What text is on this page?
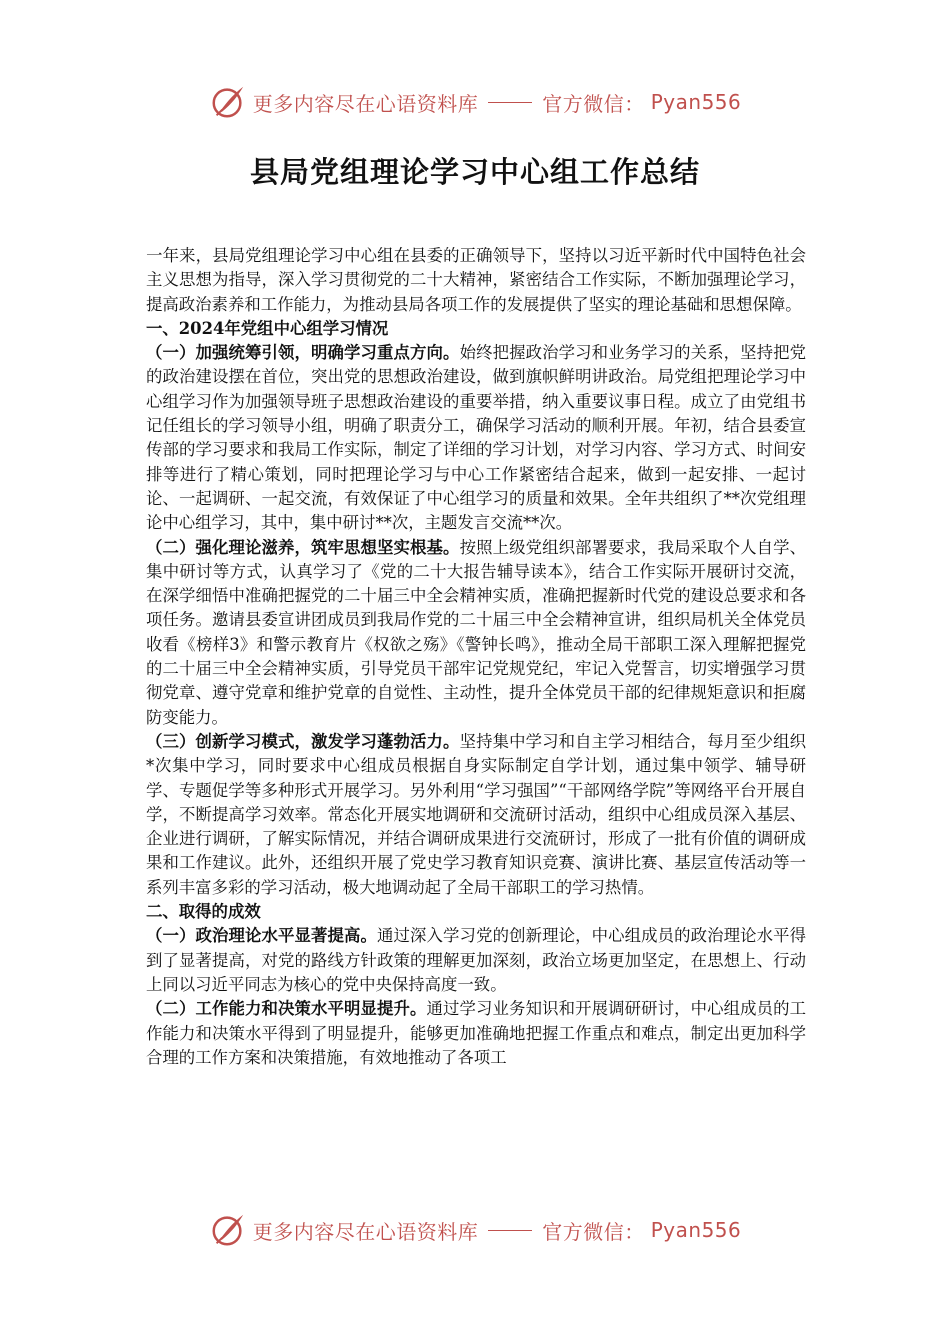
更多内容尽在心语资料库	官方微信： Pyan556
县局党组理论学习中心组工作总结

一年来，县局党组理论学习中心组在县委的正确领导下，坚持以习近平新时代中国特色社会主义思想为指导，深入学习贯彻党的二十大精神，紧密结合工作实际，不断加强理论学习，提高政治素养和工作能力，为推动县局各项工作的发展提供了坚实的理论基础和思想保障。

一、2024年党组中心组学习情况

（一）加强统筹引领，明确学习重点方向。始终把握政治学习和业务学习的关系，坚持把党的政治建设摆在首位，突出党的思想政治建设，做到旗帜鲜明讲政治。局党组把理论学习中心组学习作为加强领导班子思想政治建设的重要举措，纳入重要议事日程。成立了由党组书记任组长的学习领导小组，明确了职责分工，确保学习活动的顺利开展。年初，结合县委宣传部的学习要求和我局工作实际，制定了详细的学习计划，对学习内容、学习方式、时间安排等进行了精心策划，同时把理论学习与中心工作紧密结合起来，做到一起安排、一起讨论、一起调研、一起交流，有效保证了中心组学习的质量和效果。全年共组织了**次党组理论中心组学习，其中，集中研讨**次，主题发言交流**次。

（二）强化理论滋养，筑牢思想坚实根基。按照上级党组织部署要求，我局采取个人自学、集中研讨等方式，认真学习了《党的二十大报告辅导读本》，结合工作实际开展研讨交流，在深学细悟中准确把握党的二十届三中全会精神实质，准确把握新时代党的建设总要求和各项任务。邀请县委宣讲团成员到我局作党的二十届三中全会精神宣讲，组织局机关全体党员收看《榜样3》和警示教育片《权欲之殇》《警钟长鸣》，推动全局干部职工深入理解把握党的二十届三中全会精神实质，引导党员干部牢记党规党纪，牢记入党誓言，切实增强学习贯彻党章、遵守党章和维护党章的自觉性、主动性，提升全体党员干部的纪律规矩意识和拒腐防变能力。

（三）创新学习模式，激发学习蓬勃活力。坚持集中学习和自主学习相结合，每月至少组织*次集中学习，同时要求中心组成员根据自身实际制定自学计划，通过集中领学、辅导研学、专题促学等多种形式开展学习。另外利用“学习强国”“干部网络学院”等网络平台开展自学，不断提高学习效率。常态化开展实地调研和交流研讨活动，组织中心组成员深入基层、企业进行调研，了解实际情况，并结合调研成果进行交流研讨，形成了一批有价值的调研成果和工作建议。此外，还组织开展了党史学习教育知识竞赛、演讲比赛、基层宣传活动等一系列丰富多彩的学习活动，极大地调动起了全局干部职工的学习热情。

二、取得的成效

（一）政治理论水平显著提高。通过深入学习党的创新理论，中心组成员的政治理论水平得到了显著提高，对党的路线方针政策的理解更加深刻，政治立场更加坚定，在思想上、行动上同以习近平同志为核心的党中央保持高度一致。

（二）工作能力和决策水平明显提升。通过学习业务知识和开展调研研讨，中心组成员的工作能力和决策水平得到了明显提升，能够更加准确地把握工作重点和难点，制定出更加科学合理的工作方案和决策措施，有效地推动了各项工

更多内容尽在心语资料库	官方微信： Pyan556
